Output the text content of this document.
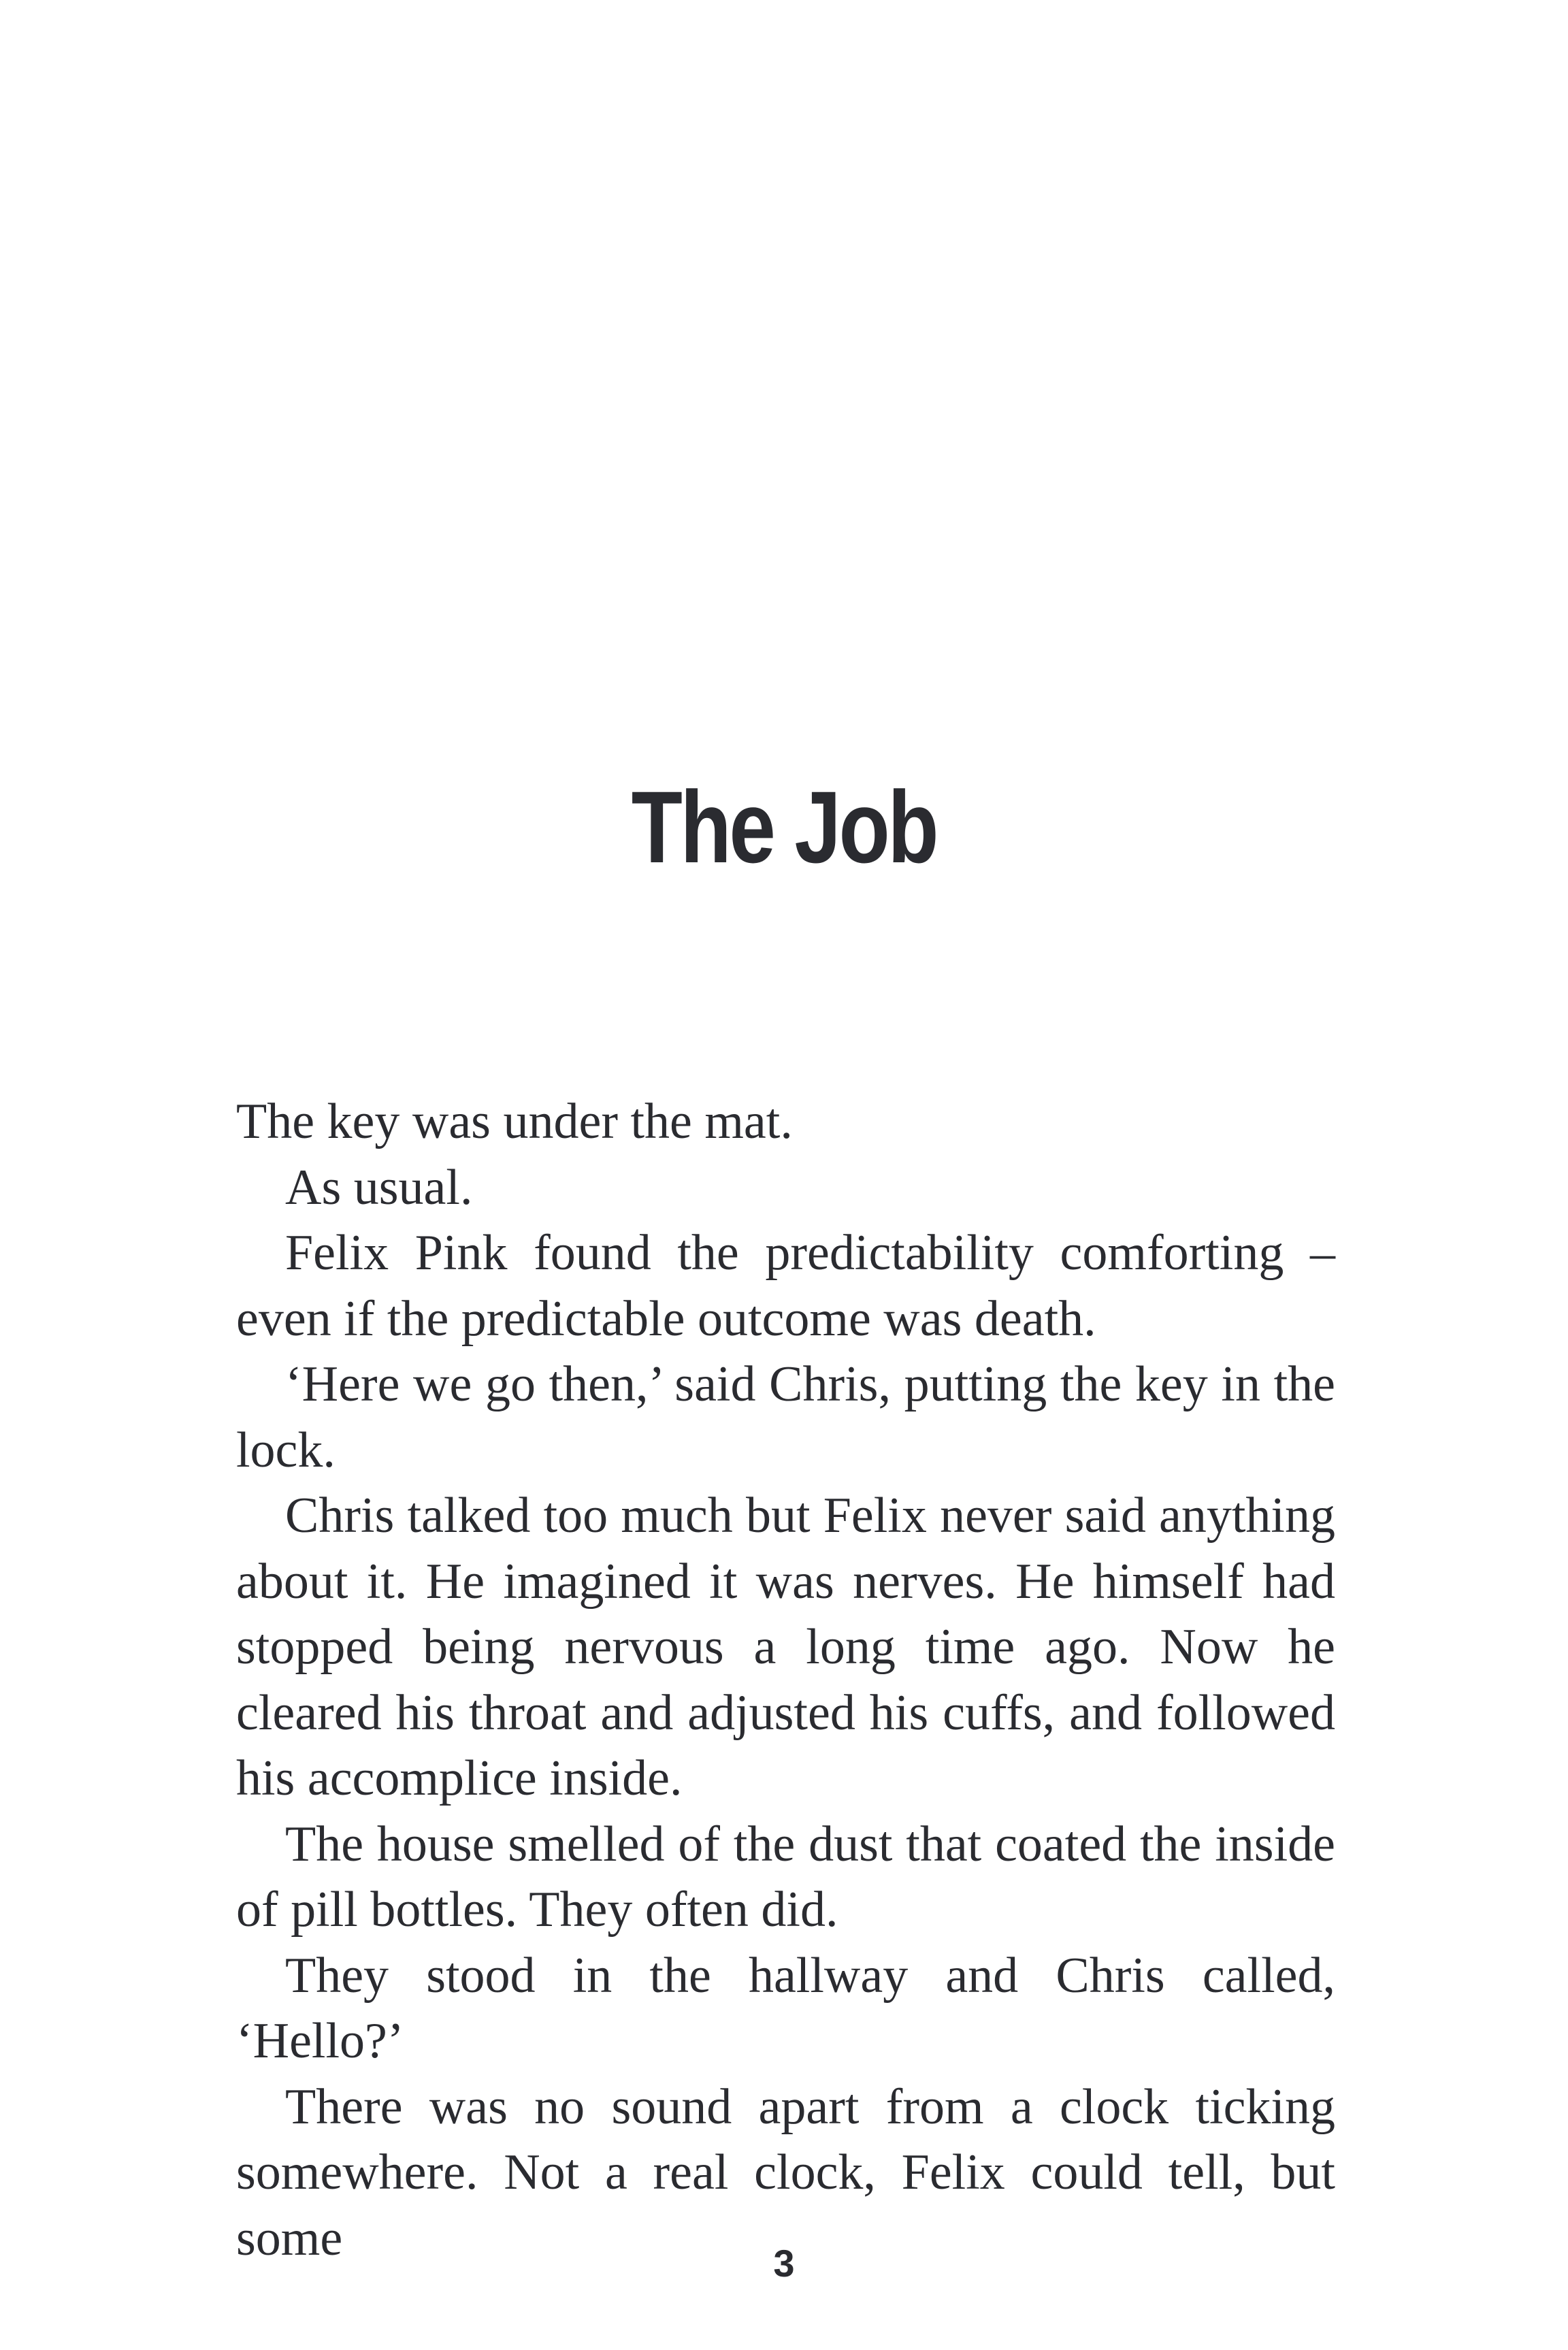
The Job

The key was under the mat.

As usual.

Felix Pink found the predictability comforting – even if the predictable outcome was death.

‘Here we go then,’ said Chris, putting the key in the lock.

Chris talked too much but Felix never said anything about it. He imagined it was nerves. He himself had stopped being nervous a long time ago. Now he cleared his throat and adjusted his cuffs, and followed his accomplice inside.

The house smelled of the dust that coated the inside of pill bottles. They often did.

They stood in the hallway and Chris called, ‘Hello?’

There was no sound apart from a clock ticking somewhere. Not a real clock, Felix could tell, but some	3
